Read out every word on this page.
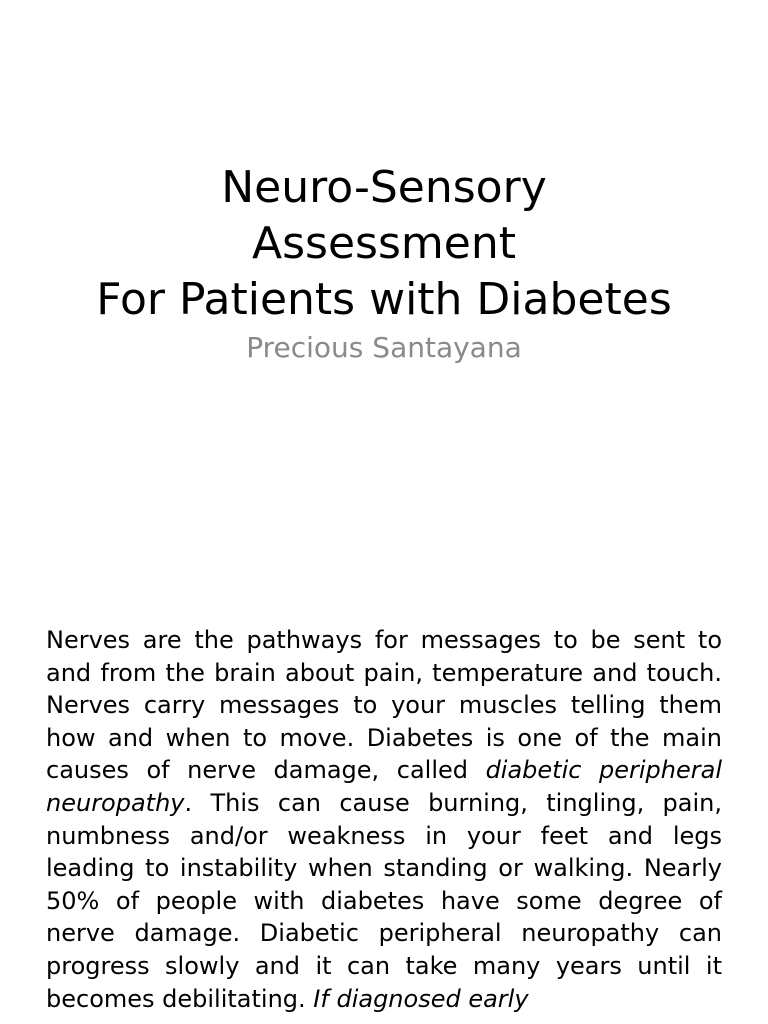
Neuro-Sensory
Assessment
For Patients with Diabetes
Precious Santayana

Nerves are the pathways for messages to be sent to and from the brain about pain, temperature and touch. Nerves carry messages to your muscles telling them how and when to move. Diabetes is one of the main causes of nerve damage, called diabetic peripheral neuropathy. This can cause burning, tingling, pain, numbness and/or weakness in your feet and legs leading to instability when standing or walking. Nearly 50% of people with diabetes have some degree of nerve damage. Diabetic peripheral neuropathy can progress slowly and it can take many years until it becomes debilitating. If diagnosed early
